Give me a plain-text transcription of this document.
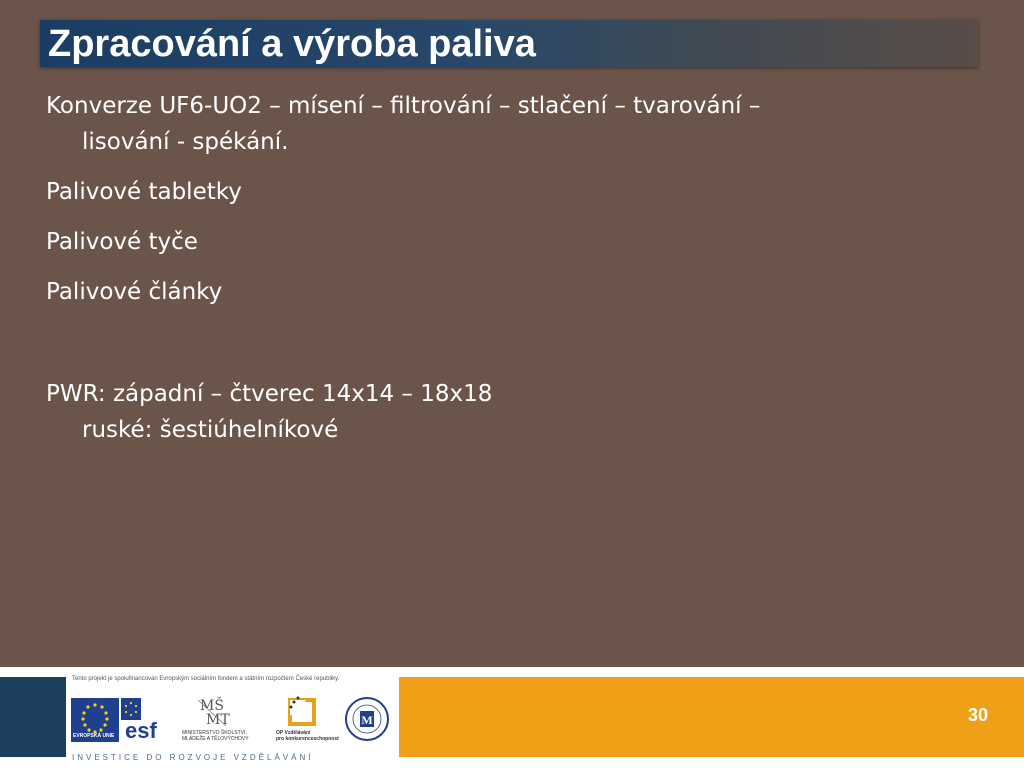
Zpracování a výroba paliva

Konverze UF6-UO2 – mísení – filtrování – stlačení – tvarování –

lisování - spékání.

Palivové tabletky

Palivové tyče

Palivové články

PWR: západní – čtverec 14x14 – 18x18

ruské: šestiúhelníkové

30
Tento projekt je spolufinancován Evropským sociálním fondem a státním rozpočtem České republiky.
INVESTICE DO ROZVOJE VZDĚLÁVÁNÍ
EVROPSKÁ UNIE esf
MŠ
MT
MINISTERSTVO ŠKOLSTVÍ,
MLÁDEŽE A TĚLOVÝCHOVY
OP Vzdělávání
pro konkurenceschopnost
M
